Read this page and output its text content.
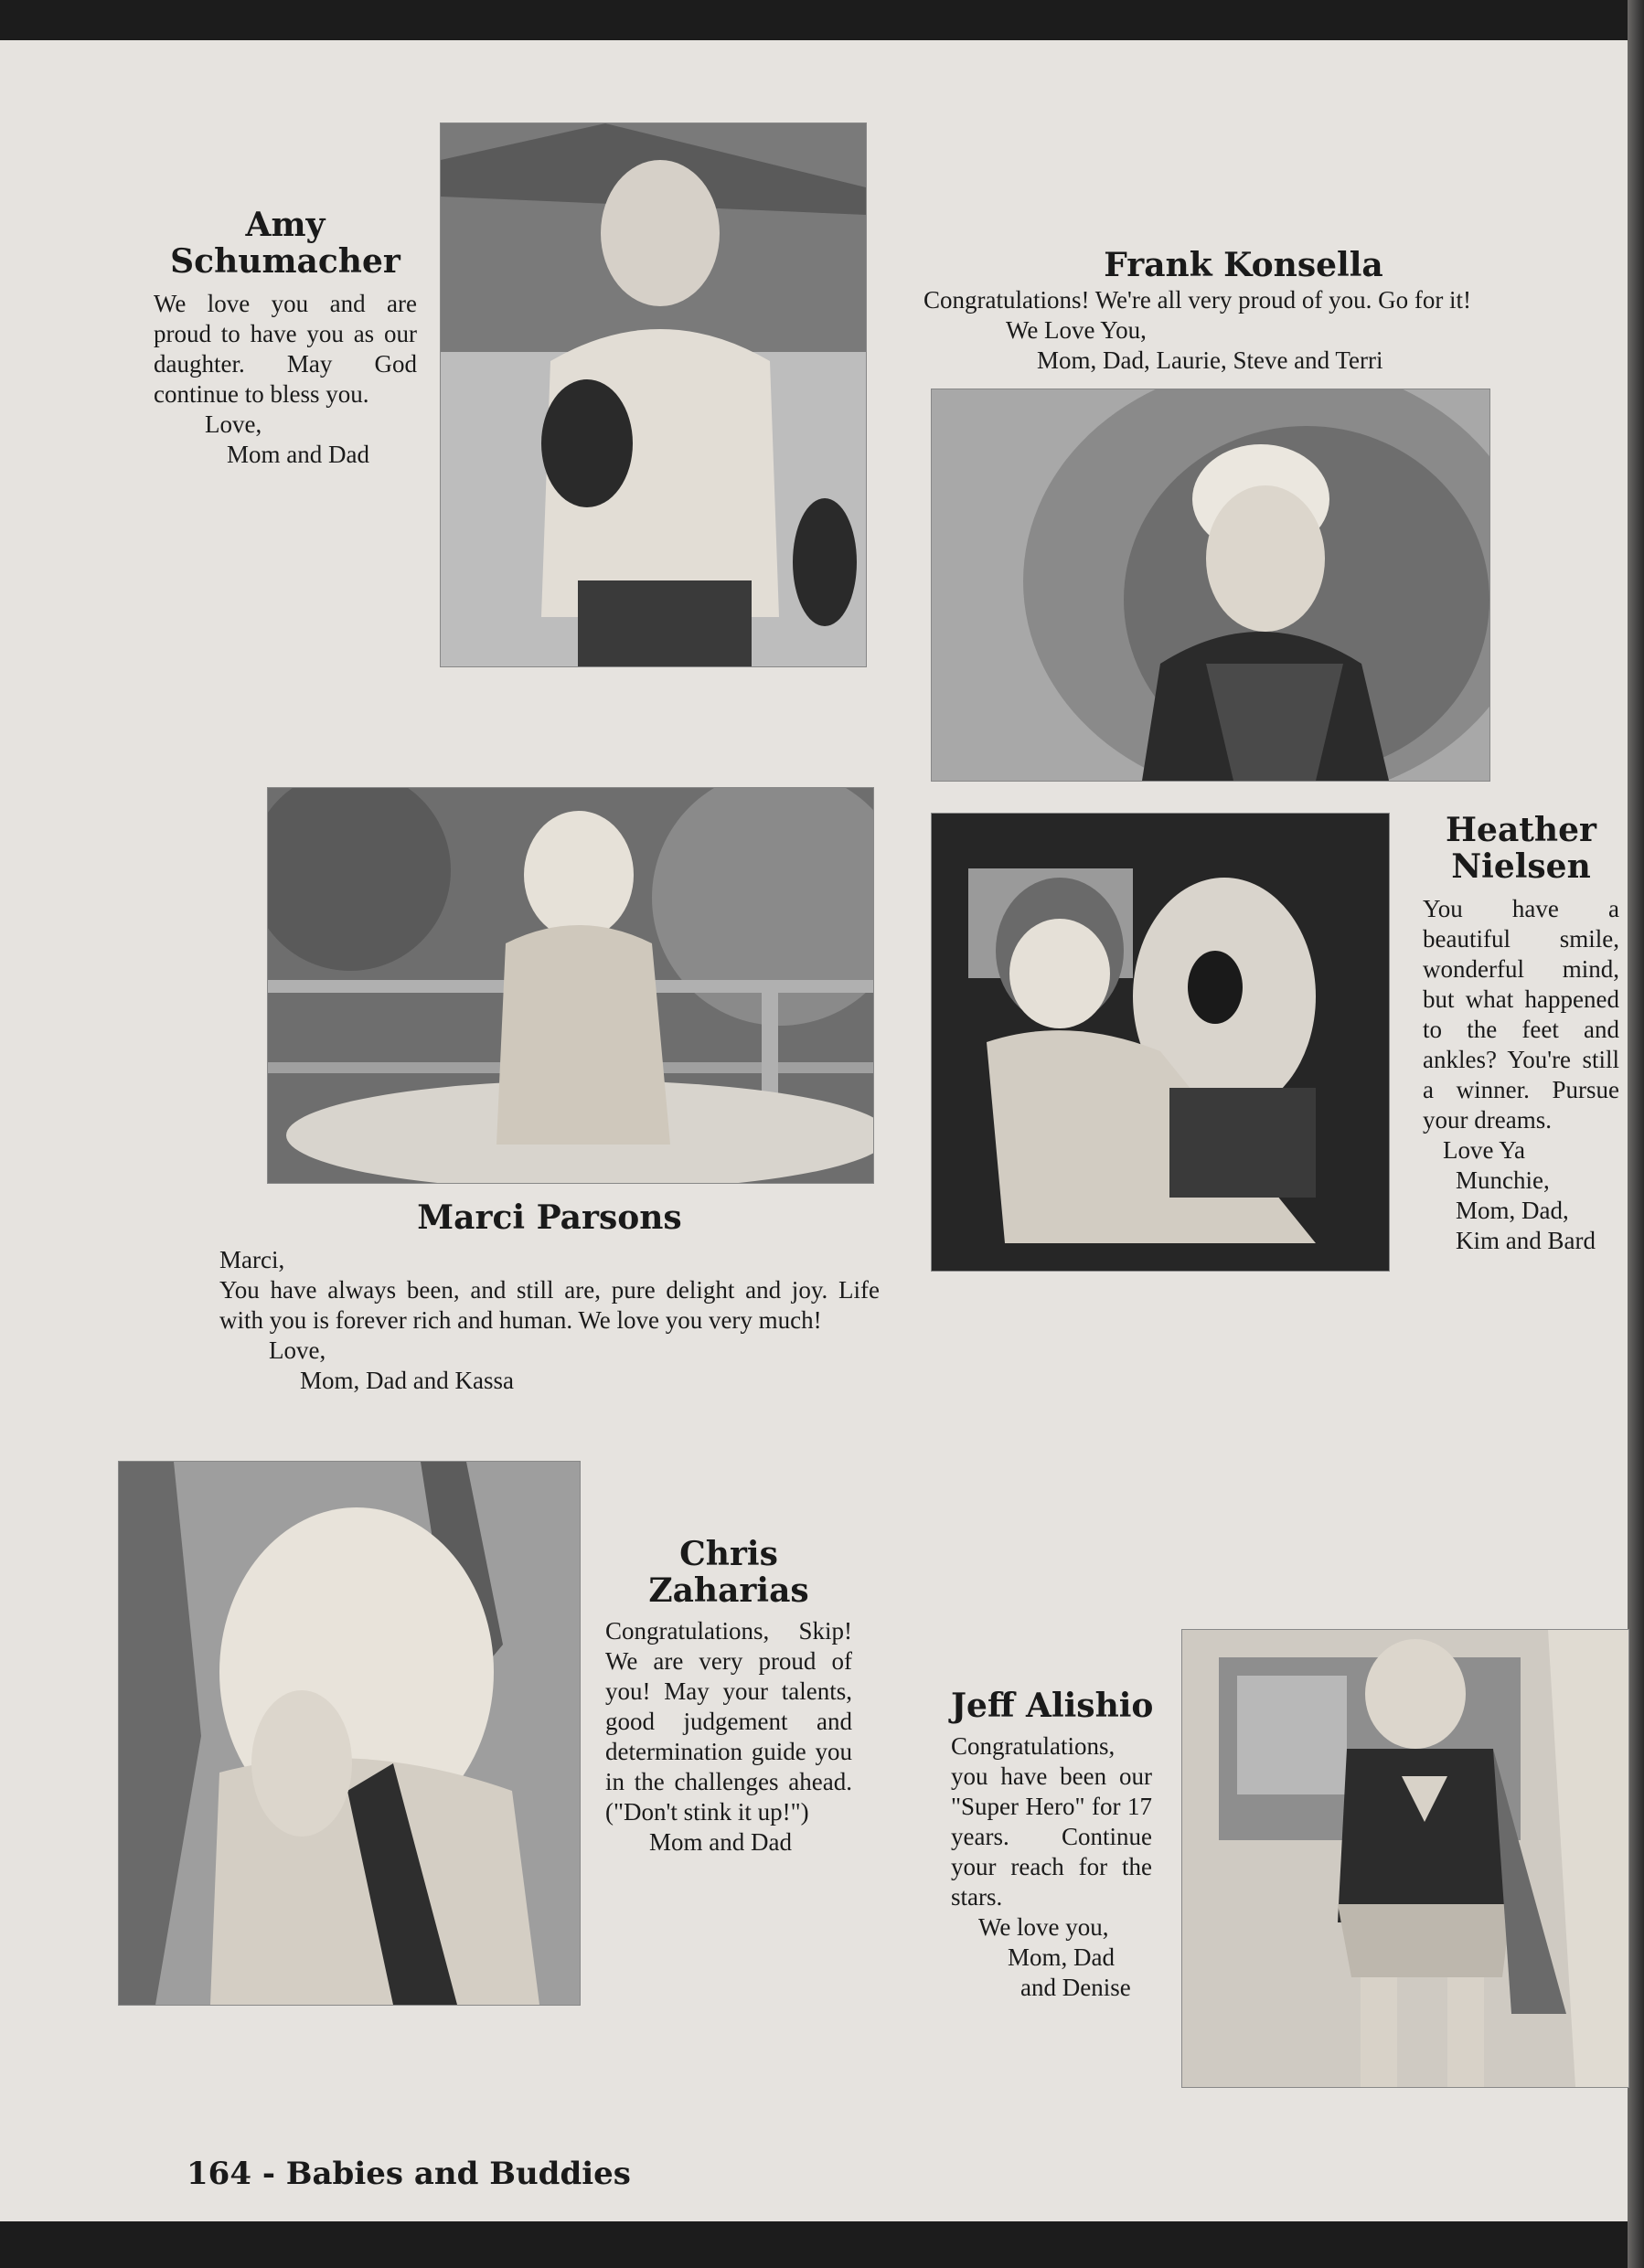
Amy
Schumacher
We love you and are proud to have you as our daughter. May God continue to bless you.
Love,
Mom and Dad
Frank Konsella
Congratulations! We're all very proud of you. Go for it!
We Love You,
Mom, Dad, Laurie, Steve and Terri
Marci Parsons
Marci,
You have always been, and still are, pure delight and joy. Life with you is forever rich and human. We love you very much!
Love,
Mom, Dad and Kassa
Heather
Nielsen
You have a beautiful smile, wonderful mind, but what happened to the feet and ankles? You're still a winner. Pursue your dreams.
Love Ya
Munchie,
Mom, Dad,
Kim and Bard
Chris
Zaharias
Congratulations, Skip! We are very proud of you! May your talents, good judgement and determination guide you in the challenges ahead. ("Don't stink it up!")
Mom and Dad
Jeff Alishio
Congratulations, you have been our "Super Hero" for 17 years. Continue your reach for the stars.
We love you,
Mom, Dad
and Denise
164 - Babies and Buddies
